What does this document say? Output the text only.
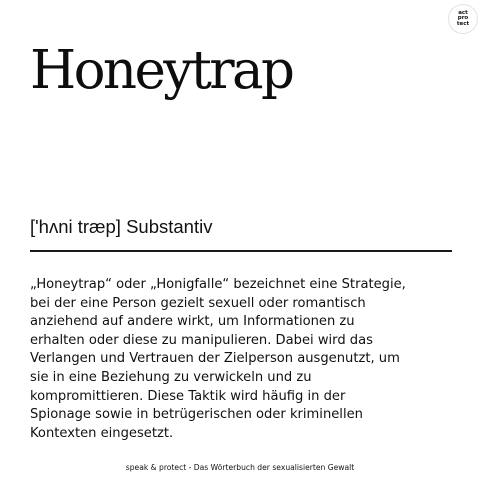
act
pro
tect
Honeytrap
['hʌni træp] Substantiv

„Honeytrap“ oder „Honigfalle“ bezeichnet eine Strategie,
bei der eine Person gezielt sexuell oder romantisch
anziehend auf andere wirkt, um Informationen zu
erhalten oder diese zu manipulieren. Dabei wird das
Verlangen und Vertrauen der Zielperson ausgenutzt, um
sie in eine Beziehung zu verwickeln und zu
kompromittieren. Diese Taktik wird häufig in der
Spionage sowie in betrügerischen oder kriminellen
Kontexten eingesetzt.

speak & protect - Das Wörterbuch der sexualisierten Gewalt
